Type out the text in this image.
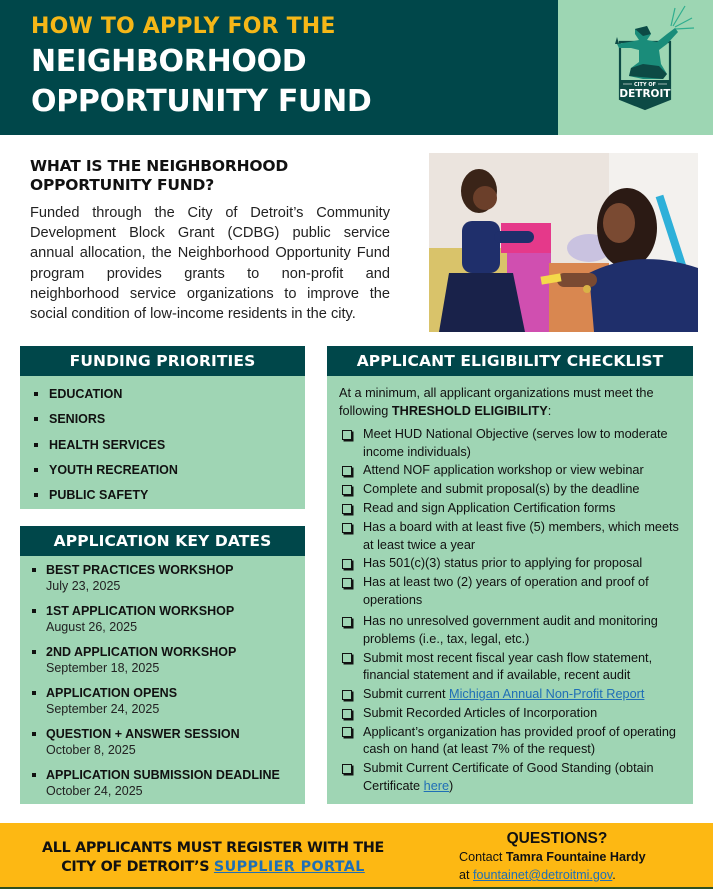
HOW TO APPLY FOR THE
NEIGHBORHOOD
OPPORTUNITY FUND	CITY OF
DETROIT
WHAT IS THE NEIGHBORHOOD
OPPORTUNITY FUND?

Funded through the City of Detroit’s Community Development Block Grant (CDBG) public service annual allocation, the Neighborhood Opportunity Fund program provides grants to non-profit and neighborhood service organizations to improve the social condition of low-income residents in the city.

FUNDING PRIORITIES
EDUCATION
SENIORS
HEALTH SERVICES
YOUTH RECREATION
PUBLIC SAFETY
APPLICATION KEY DATES
BEST PRACTICES WORKSHOP
July 23, 2025
1ST APPLICATION WORKSHOP
August 26, 2025
2ND APPLICATION WORKSHOP
September 18, 2025
APPLICATION OPENS
September 24, 2025
QUESTION + ANSWER SESSION
October 8, 2025
APPLICATION SUBMISSION DEADLINE
October 24, 2025
APPLICANT ELIGIBILITY CHECKLIST

At a minimum, all applicant organizations must meet the following THRESHOLD ELIGIBILITY:

Meet HUD National Objective (serves low to moderate income individuals)
Attend NOF application workshop or view webinar
Complete and submit proposal(s) by the deadline
Read and sign Application Certification forms
Has a board with at least five (5) members, which meets at least twice a year
Has 501(c)(3) status prior to applying for proposal
Has at least two (2) years of operation and proof of operations
Has no unresolved government audit and monitoring problems (i.e., tax, legal, etc.)
Submit most recent fiscal year cash flow statement, financial statement and if available, recent audit
Submit current Michigan Annual Non-Profit Report
Submit Recorded Articles of Incorporation
Applicant’s organization has provided proof of operating cash on hand (at least 7% of the request)
Submit Current Certificate of Good Standing (obtain Certificate here)
ALL APPLICANTS MUST REGISTER WITH THE
CITY OF DETROIT’S SUPPLIER PORTAL
QUESTIONS?
Contact Tamra Fountaine Hardy
at fountainet@detroitmi.gov.
